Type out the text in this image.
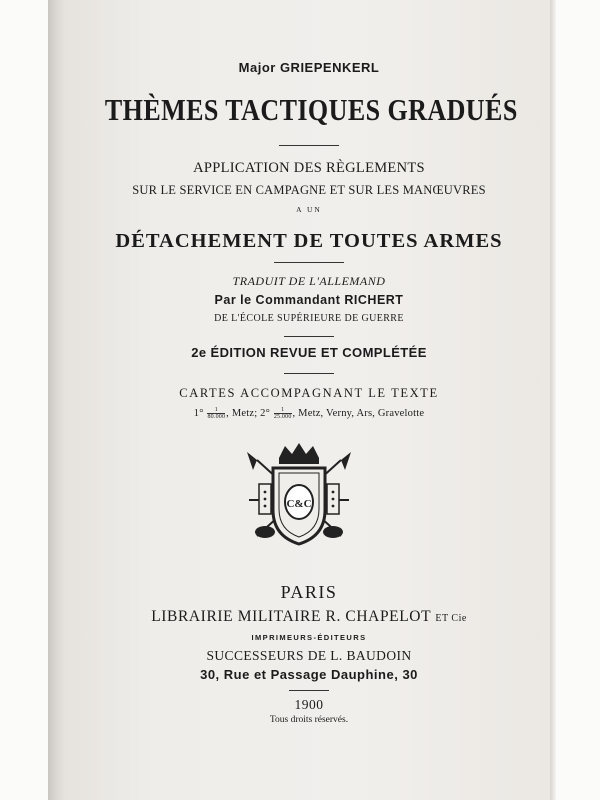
Major GRIEPENKERL
THÈMES TACTIQUES GRADUÉS
APPLICATION DES RÈGLEMENTS
SUR LE SERVICE EN CAMPAGNE ET SUR LES MANŒUVRES
A UN
DÉTACHEMENT DE TOUTES ARMES
TRADUIT DE L'ALLEMAND
Par le Commandant RICHERT
DE L'ÉCOLE SUPÉRIEURE DE GUERRE
2e ÉDITION REVUE ET COMPLÉTÉE
CARTES ACCOMPAGNANT LE TEXTE
$1^\circ \frac{1}{80.000}$ , Metz; $2^\circ \frac{1}{25.000}$ , Metz, Verny, Ars, Gravelotte
C&C
PARIS
LIBRAIRIE MILITAIRE R. CHAPELOT ET Cie
IMPRIMEURS-ÉDITEURS
SUCCESSEURS DE L. BAUDOIN
30, Rue et Passage Dauphine, 30
1900
Tous droits réservés.
